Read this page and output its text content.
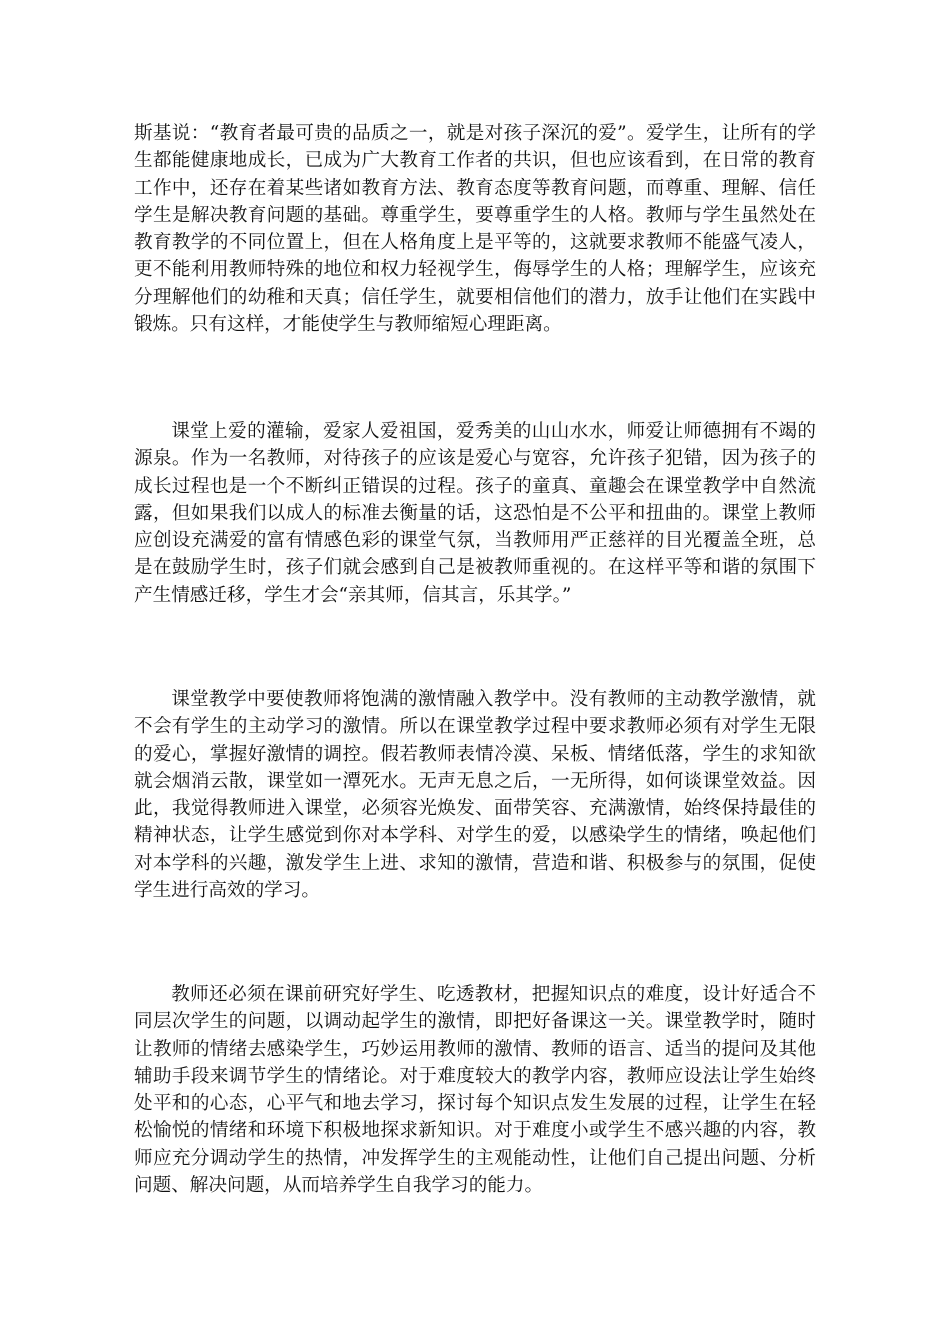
斯基说：“教育者最可贵的品质之一，就是对孩子深沉的爱”。爱学生，让所有的学生都能健康地成长，已成为广大教育工作者的共识，但也应该看到，在日常的教育工作中，还存在着某些诸如教育方法、教育态度等教育问题，而尊重、理解、信任学生是解决教育问题的基础。尊重学生，要尊重学生的人格。教师与学生虽然处在教育教学的不同位置上，但在人格角度上是平等的，这就要求教师不能盛气凌人，更不能利用教师特殊的地位和权力轻视学生，侮辱学生的人格；理解学生，应该充分理解他们的幼稚和天真；信任学生，就要相信他们的潜力，放手让他们在实践中锻炼。只有这样，才能使学生与教师缩短心理距离。

课堂上爱的灌输，爱家人爱祖国，爱秀美的山山水水，师爱让师德拥有不竭的源泉。作为一名教师，对待孩子的应该是爱心与宽容，允许孩子犯错，因为孩子的成长过程也是一个不断纠正错误的过程。孩子的童真、童趣会在课堂教学中自然流露，但如果我们以成人的标准去衡量的话，这恐怕是不公平和扭曲的。课堂上教师应创设充满爱的富有情感色彩的课堂气氛，当教师用严正慈祥的目光覆盖全班，总是在鼓励学生时，孩子们就会感到自己是被教师重视的。在这样平等和谐的氛围下产生情感迁移，学生才会“亲其师，信其言，乐其学。”

课堂教学中要使教师将饱满的激情融入教学中。没有教师的主动教学激情，就不会有学生的主动学习的激情。所以在课堂教学过程中要求教师必须有对学生无限的爱心，掌握好激情的调控。假若教师表情冷漠、呆板、情绪低落，学生的求知欲就会烟消云散，课堂如一潭死水。无声无息之后，一无所得，如何谈课堂效益。因此，我觉得教师进入课堂，必须容光焕发、面带笑容、充满激情，始终保持最佳的精神状态，让学生感觉到你对本学科、对学生的爱，以感染学生的情绪，唤起他们对本学科的兴趣，激发学生上进、求知的激情，营造和谐、积极参与的氛围，促使学生进行高效的学习。

教师还必须在课前研究好学生、吃透教材，把握知识点的难度，设计好适合不同层次学生的问题，以调动起学生的激情，即把好备课这一关。课堂教学时，随时让教师的情绪去感染学生，巧妙运用教师的激情、教师的语言、适当的提问及其他辅助手段来调节学生的情绪论。对于难度较大的教学内容，教师应设法让学生始终处平和的心态，心平气和地去学习，探讨每个知识点发生发展的过程，让学生在轻松愉悦的情绪和环境下积极地探求新知识。对于难度小或学生不感兴趣的内容，教师应充分调动学生的热情，冲发挥学生的主观能动性，让他们自己提出问题、分析问题、解决问题，从而培养学生自我学习的能力。
